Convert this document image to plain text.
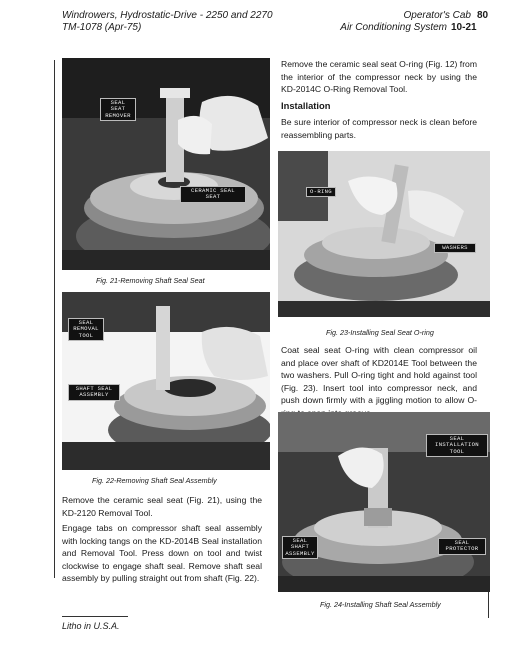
Windrowers, Hydrostatic-Drive - 2250 and 2270
TM-1078 (Apr-75)
Operator's Cab 80
Air Conditioning System 10-21
SEAL
SEAT
REMOVER
CERAMIC SEAL
SEAT
Fig. 21-Removing Shaft Seal Seat
SEAL
REMOVAL
TOOL
SHAFT SEAL
ASSEMBLY
Fig. 22-Removing Shaft Seal Assembly
Remove the ceramic seal seat (Fig. 21), using the KD-2120 Removal Tool.
Engage tabs on compressor shaft seal assembly with locking tangs on the KD-2014B Seal installation and Removal Tool. Press down on tool and twist clockwise to engage shaft seal. Remove shaft seal assembly by pulling straight out from shaft (Fig. 22).
Remove the ceramic seal seat O-ring (Fig. 12) from the interior of the compressor neck by using the KD-2014C O-Ring Removal Tool.
Installation
Be sure interior of compressor neck is clean before reassembling parts.
O-RING
WASHERS
Fig. 23-Installing Seal Seat O-ring
Coat seal seat O-ring with clean compressor oil and place over shaft of KD2014E Tool between the two washers. Pull O-ring tight and hold against tool (Fig. 23). Insert tool into compressor neck, and push down firmly with a jiggling motion to allow O-
SEAL
INSTALLATION
TOOL
SEAL
SHAFT
ASSEMBLY
SEAL
PROTECTOR
Fig. 24-Installing Shaft Seal Assembly
Litho in U.S.A.
